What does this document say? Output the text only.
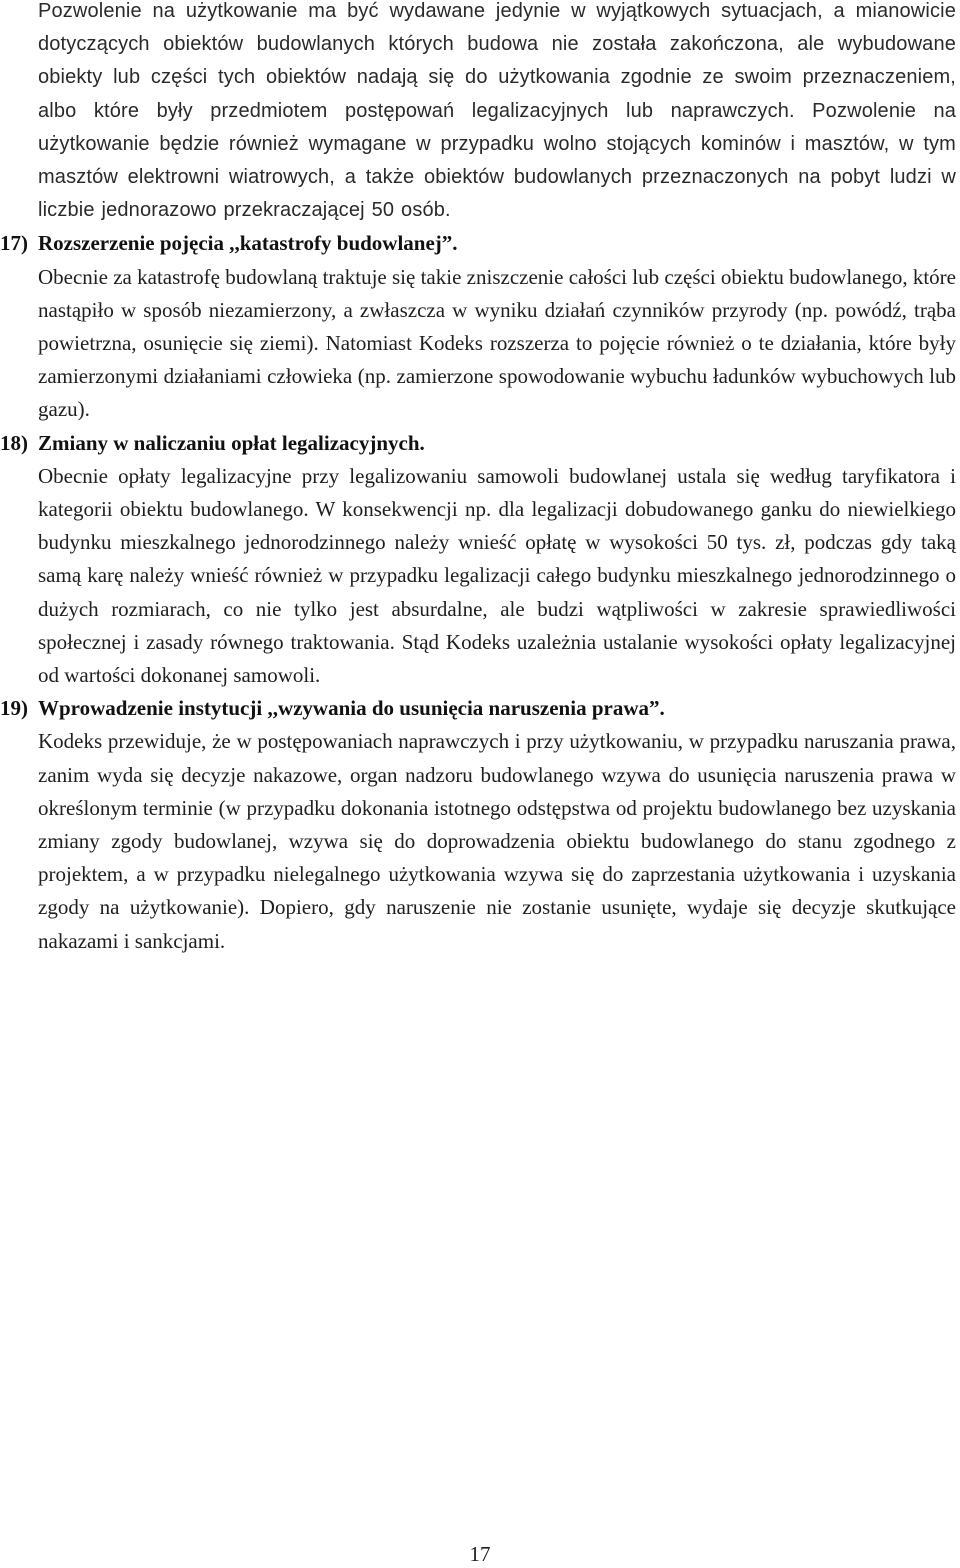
Pozwolenie na użytkowanie ma być wydawane jedynie w wyjątkowych sytuacjach, a mianowicie dotyczących obiektów budowlanych których budowa nie została zakończona, ale wybudowane obiekty lub części tych obiektów nadają się do użytkowania zgodnie ze swoim przeznaczeniem, albo które były przedmiotem postępowań legalizacyjnych lub naprawczych. Pozwolenie na użytkowanie będzie również wymagane w przypadku wolno stojących kominów i masztów, w tym masztów elektrowni wiatrowych, a także obiektów budowlanych przeznaczonych na pobyt ludzi w liczbie jednorazowo przekraczającej 50 osób.

17) Rozszerzenie pojęcia ,,katastrofy budowlanej”.

Obecnie za katastrofę budowlaną traktuje się takie zniszczenie całości lub części obiektu budowlanego, które nastąpiło w sposób niezamierzony, a zwłaszcza w wyniku działań czynników przyrody (np. powódź, trąba powietrzna, osunięcie się ziemi). Natomiast Kodeks rozszerza to pojęcie również o te działania, które były zamierzonymi działaniami człowieka (np. zamierzone spowodowanie wybuchu ładunków wybuchowych lub gazu).

18) Zmiany w naliczaniu opłat legalizacyjnych.

Obecnie opłaty legalizacyjne przy legalizowaniu samowoli budowlanej ustala się według taryfikatora i kategorii obiektu budowlanego. W konsekwencji np. dla legalizacji dobudowanego ganku do niewielkiego budynku mieszkalnego jednorodzinnego należy wnieść opłatę w wysokości 50 tys. zł, podczas gdy taką samą karę należy wnieść również w przypadku legalizacji całego budynku mieszkalnego jednorodzinnego o dużych rozmiarach, co nie tylko jest absurdalne, ale budzi wątpliwości w zakresie sprawiedliwości społecznej i zasady równego traktowania. Stąd Kodeks uzależnia ustalanie wysokości opłaty legalizacyjnej od wartości dokonanej samowoli.

19) Wprowadzenie instytucji ,,wzywania do usunięcia naruszenia prawa”.

Kodeks przewiduje, że w postępowaniach naprawczych i przy użytkowaniu, w przypadku naruszania prawa, zanim wyda się decyzje nakazowe, organ nadzoru budowlanego wzywa do usunięcia naruszenia prawa w określonym terminie (w przypadku dokonania istotnego odstępstwa od projektu budowlanego bez uzyskania zmiany zgody budowlanej, wzywa się do doprowadzenia obiektu budowlanego do stanu zgodnego z projektem, a w przypadku nielegalnego użytkowania wzywa się do zaprzestania użytkowania i uzyskania zgody na użytkowanie). Dopiero, gdy naruszenie nie zostanie usunięte, wydaje się decyzje skutkujące nakazami i sankcjami.

17
